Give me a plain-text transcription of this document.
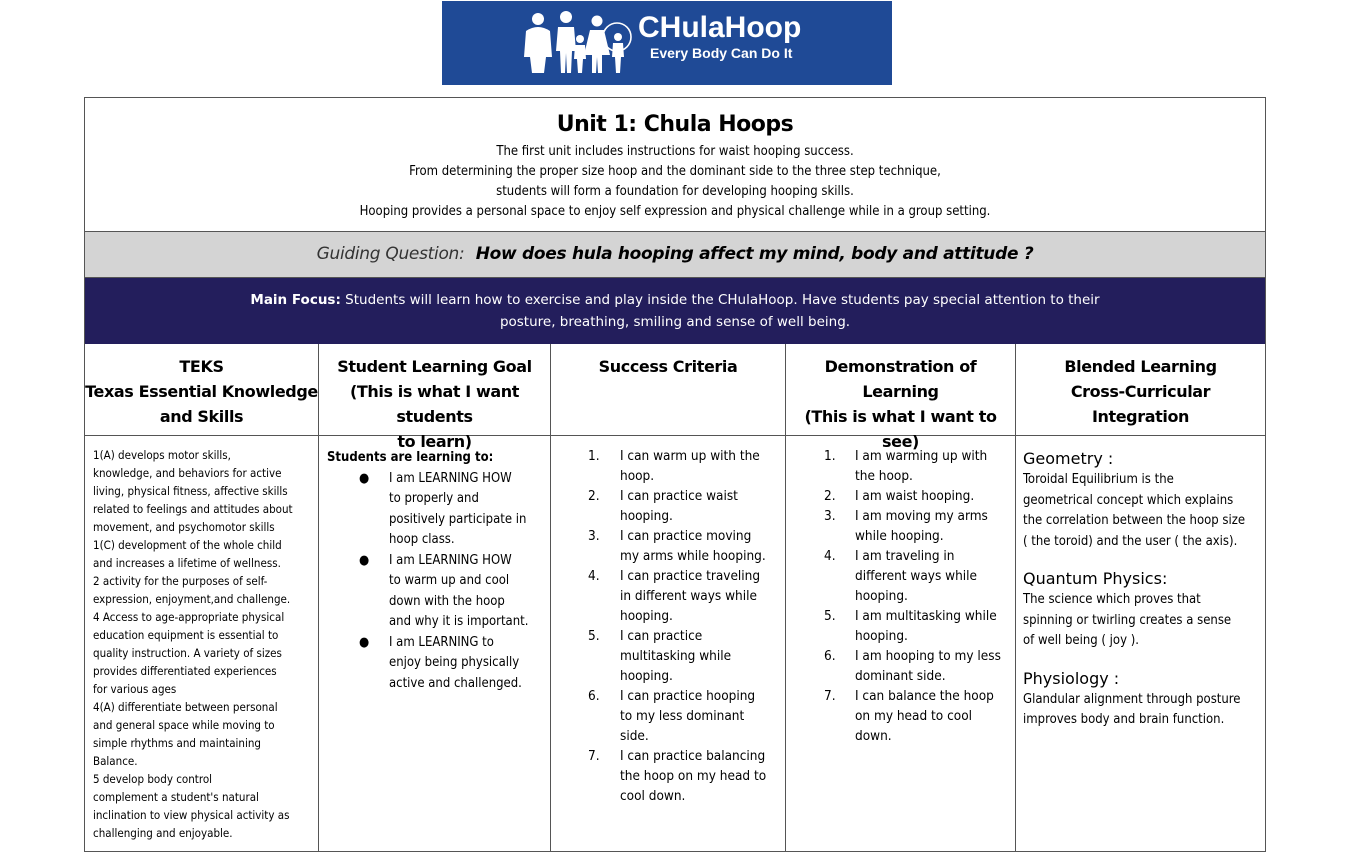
CHulaHoop
Every Body Can Do It
Unit 1: Chula Hoops

The first unit includes instructions for waist hooping success.

From determining the proper size hoop and the dominant side to the three step technique,

students will form a foundation for developing hooping skills.

Hooping provides a personal space to enjoy self expression and physical challenge while in a group setting.

Guiding Question: How does hula hooping affect my mind, body and attitude ?
Main Focus: Students will learn how to exercise and play inside the CHulaHoop. Have students pay special attention to their
posture, breathing, smiling and sense of well being.
TEKS
Texas Essential Knowledge
and Skills
1(A) develops motor skills,
knowledge, and behaviors for active
living, physical fitness, affective skills
related to feelings and attitudes about
movement, and psychomotor skills
1(C) development of the whole child
and increases a lifetime of wellness.
2 activity for the purposes of self-
expression, enjoyment,and challenge.
4 Access to age-appropriate physical
education equipment is essential to
quality instruction. A variety of sizes
provides differentiated experiences
for various ages
4(A) differentiate between personal
and general space while moving to
simple rhythms and maintaining
Balance.
5 develop body control
complement a student's natural
inclination to view physical activity as
challenging and enjoyable.
Student Learning Goal
(This is what I want students
to learn)
Students are learning to:
● I am LEARNING HOW
to properly and
positively participate in
hoop class.
● I am LEARNING HOW
to warm up and cool
down with the hoop
and why it is important.
● I am LEARNING to
enjoy being physically
active and challenged.
Success Criteria
1. I can warm up with the
hoop.
2. I can practice waist
hooping.
3. I can practice moving
my arms while hooping.
4. I can practice traveling
in different ways while
hooping.
5. I can practice
multitasking while
hooping.
6. I can practice hooping
to my less dominant
side.
7. I can practice balancing
the hoop on my head to
cool down.
Demonstration of Learning
(This is what I want to see)
1. I am warming up with
the hoop.
2. I am waist hooping.
3. I am moving my arms
while hooping.
4. I am traveling in
different ways while
hooping.
5. I am multitasking while
hooping.
6. I am hooping to my less
dominant side.
7. I can balance the hoop
on my head to cool
down.
Blended Learning
Cross-Curricular
Integration
Geometry :
Toroidal Equilibrium is the
geometrical concept which explains
the correlation between the hoop size
( the toroid) and the user ( the axis).
Quantum Physics:
The science which proves that
spinning or twirling creates a sense
of well being ( joy ).
Physiology :
Glandular alignment through posture
improves body and brain function.
